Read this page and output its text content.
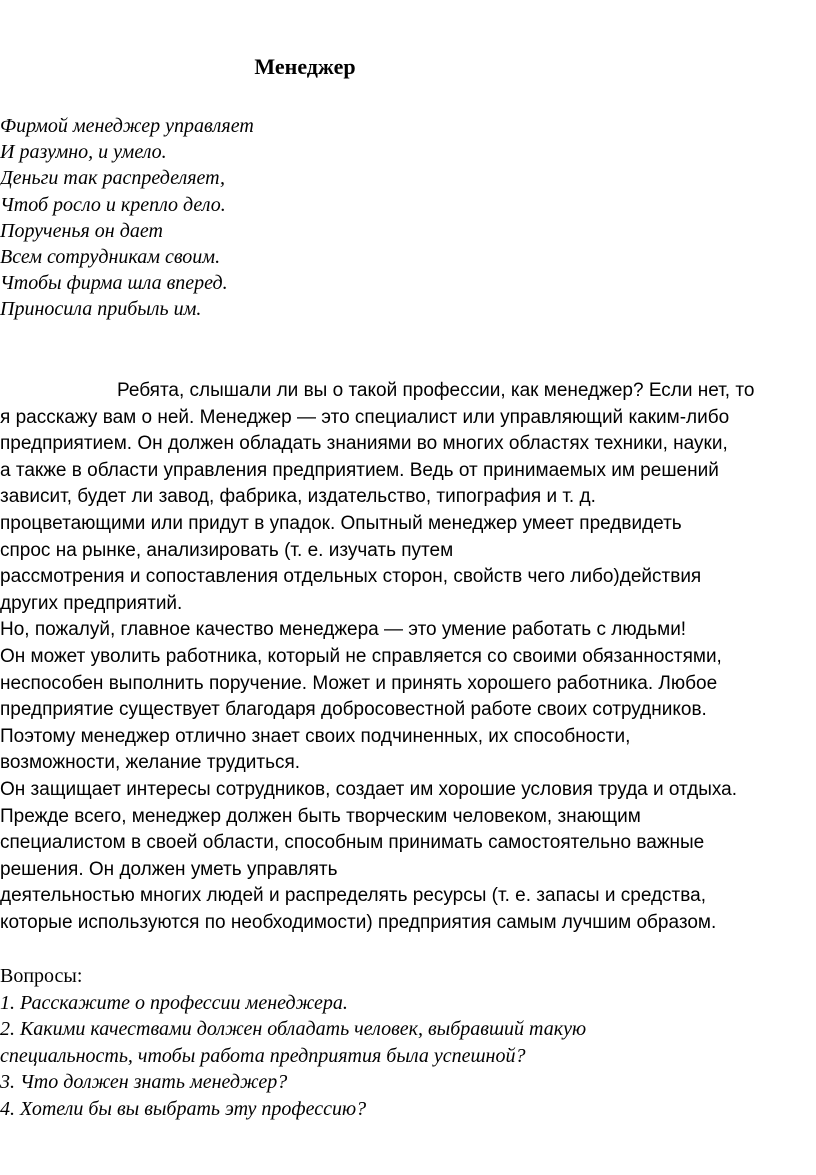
Менеджер
Фирмой менеджер управляет
И разумно, и умело.
Деньги так распределяет,
Чтоб росло и крепло дело.
Порученья он дает
Всем сотрудникам своим.
Чтобы фирма шла вперед.
Приносила прибыль им.
Ребята, слышали ли вы о такой профессии, как менеджер? Если нет, то
я расскажу вам о ней. Менеджер — это специалист или управляющий каким-либо
предприятием. Он должен обладать знаниями во многих областях техники, науки,
а также в области управления предприятием. Ведь от принимаемых им решений
зависит, будет ли завод, фабрика, издательство, типография и т. д.
процветающими или придут в упадок. Опытный менеджер умеет предвидеть
спрос на рынке, анализировать (т. е. изучать путем
рассмотрения и сопоставления отдельных сторон, свойств чего либо)действия
других предприятий.
Но, пожалуй, главное качество менеджера — это умение работать с людьми!
Он может уволить работника, который не справляется со своими обязанностями,
неспособен выполнить поручение. Может и принять хорошего работника. Любое
предприятие существует благодаря добросовестной работе своих сотрудников.
Поэтому менеджер отлично знает своих подчиненных, их способности,
возможности, желание трудиться.
Он защищает интересы сотрудников, создает им хорошие условия труда и отдыха.
Прежде всего, менеджер должен быть творческим человеком, знающим
специалистом в своей области, способным принимать самостоятельно важные
решения. Он должен уметь управлять
деятельностью многих людей и распределять ресурсы (т. е. запасы и средства,
которые используются по необходимости) предприятия самым лучшим образом.
Вопросы:
1. Расскажите о профессии менеджера.
2. Какими качествами должен обладать человек, выбравший такую
специальность, чтобы работа предприятия была успешной?
3. Что должен знать менеджер?
4. Хотели бы вы выбрать эту профессию?
